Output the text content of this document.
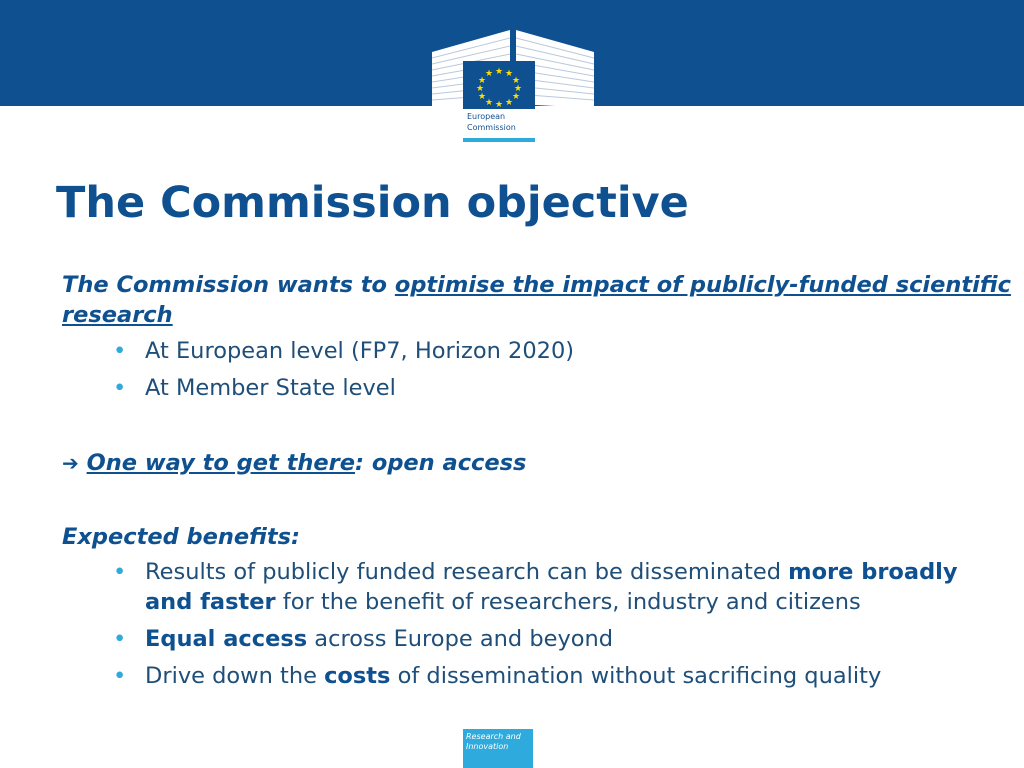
★ ★
★
★
★
★
★
★
★
★
★
★
European
Commission
The Commission objective
The Commission wants to optimise the impact of publicly-funded scientific research
• At European level (FP7, Horizon 2020)
• At Member State level
➔ One way to get there: open access
Expected benefits:
• Results of publicly funded research can be disseminated more broadly and faster for the benefit of researchers, industry and citizens
• Equal access across Europe and beyond
• Drive down the costs of dissemination without sacrificing quality
Research and
Innovation
